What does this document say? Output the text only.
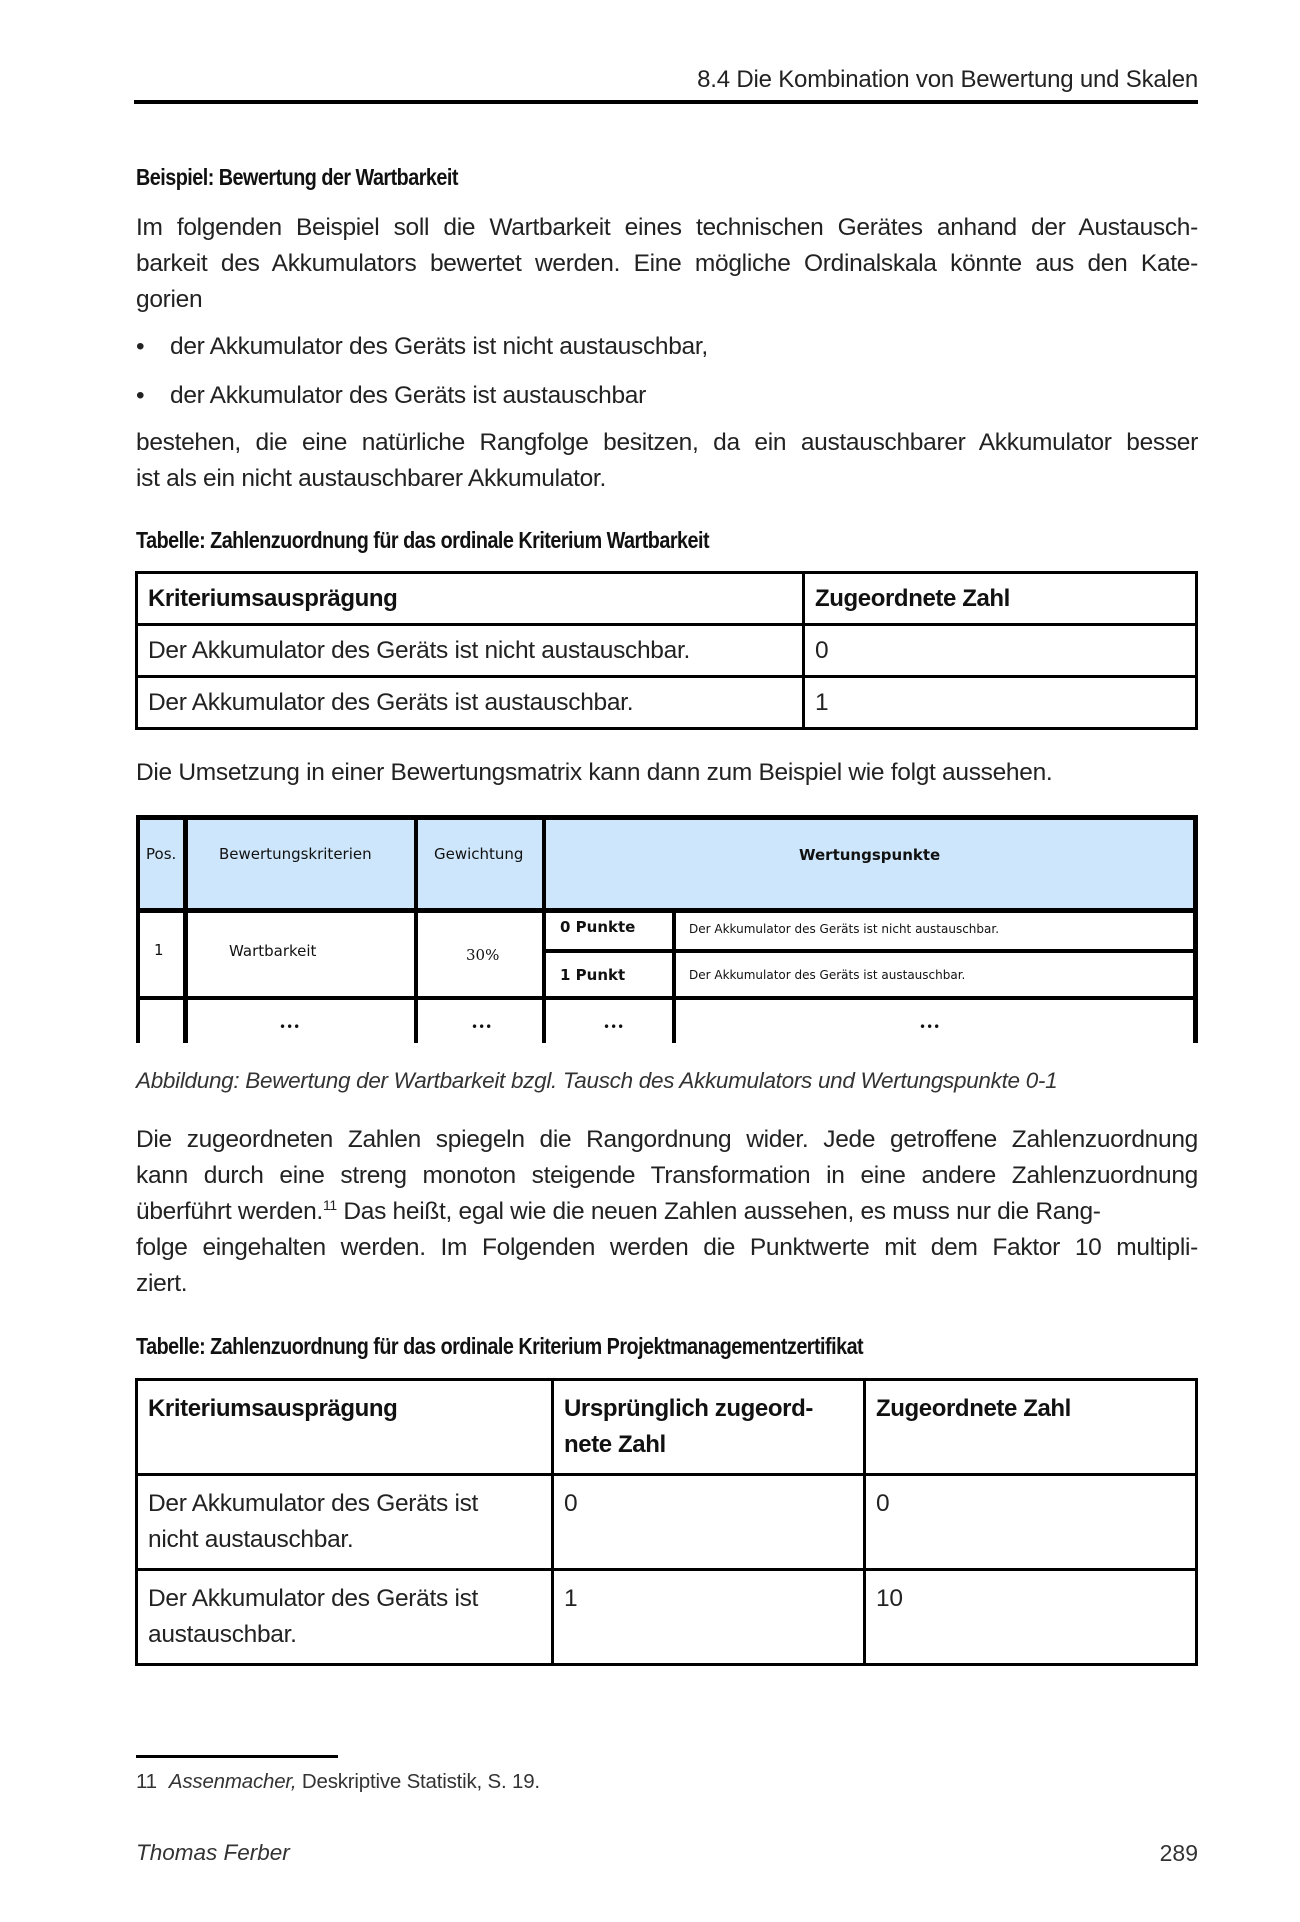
8.4 Die Kombination von Bewertung und Skalen
Beispiel: Bewertung der Wartbarkeit
Im folgenden Beispiel soll die Wartbarkeit eines technischen Gerätes anhand der Austausch-
barkeit des Akkumulators bewertet werden. Eine mögliche Ordinalskala könnte aus den Kate-
gorien
• der Akkumulator des Geräts ist nicht austauschbar,
• der Akkumulator des Geräts ist austauschbar
bestehen, die eine natürliche Rangfolge besitzen, da ein austauschbarer Akkumulator besser
ist als ein nicht austauschbarer Akkumulator.
Tabelle: Zahlenzuordnung für das ordinale Kriterium Wartbarkeit
Kriteriumsausprägung	Zugeordnete Zahl
Der Akkumulator des Geräts ist nicht austauschbar.	0
Der Akkumulator des Geräts ist austauschbar.	1
Die Umsetzung in einer Bewertungsmatrix kann dann zum Beispiel wie folgt aussehen.
Pos.	Bewertungskriterien	Gewichtung	Wertungspunkte
1	Wartbarkeit	30%
0 Punkte	Der Akkumulator des Geräts ist nicht austauschbar.
1 Punkt	Der Akkumulator des Geräts ist austauschbar.
•••	•••	•••	•••
Abbildung: Bewertung der Wartbarkeit bzgl. Tausch des Akkumulators und Wertungspunkte 0-1
Die zugeordneten Zahlen spiegeln die Rangordnung wider. Jede getroffene Zahlenzuordnung
kann durch eine streng monoton steigende Transformation in eine andere Zahlenzuordnung
überführt werden.$^{11}$ Das heißt, egal wie die neuen Zahlen aussehen, es muss nur die Rang-
folge eingehalten werden. Im Folgenden werden die Punktwerte mit dem Faktor 10 multipli-
ziert.
Tabelle: Zahlenzuordnung für das ordinale Kriterium Projektmanagementzertifikat
Kriteriumsausprägung	Ursprünglich zugeord-
nete Zahl	Zugeordnete Zahl
Der Akkumulator des Geräts ist
nicht austauschbar.	0	0
Der Akkumulator des Geräts ist
austauschbar.	1	10
11 Assenmacher, Deskriptive Statistik, S. 19.
Thomas Ferber	289
